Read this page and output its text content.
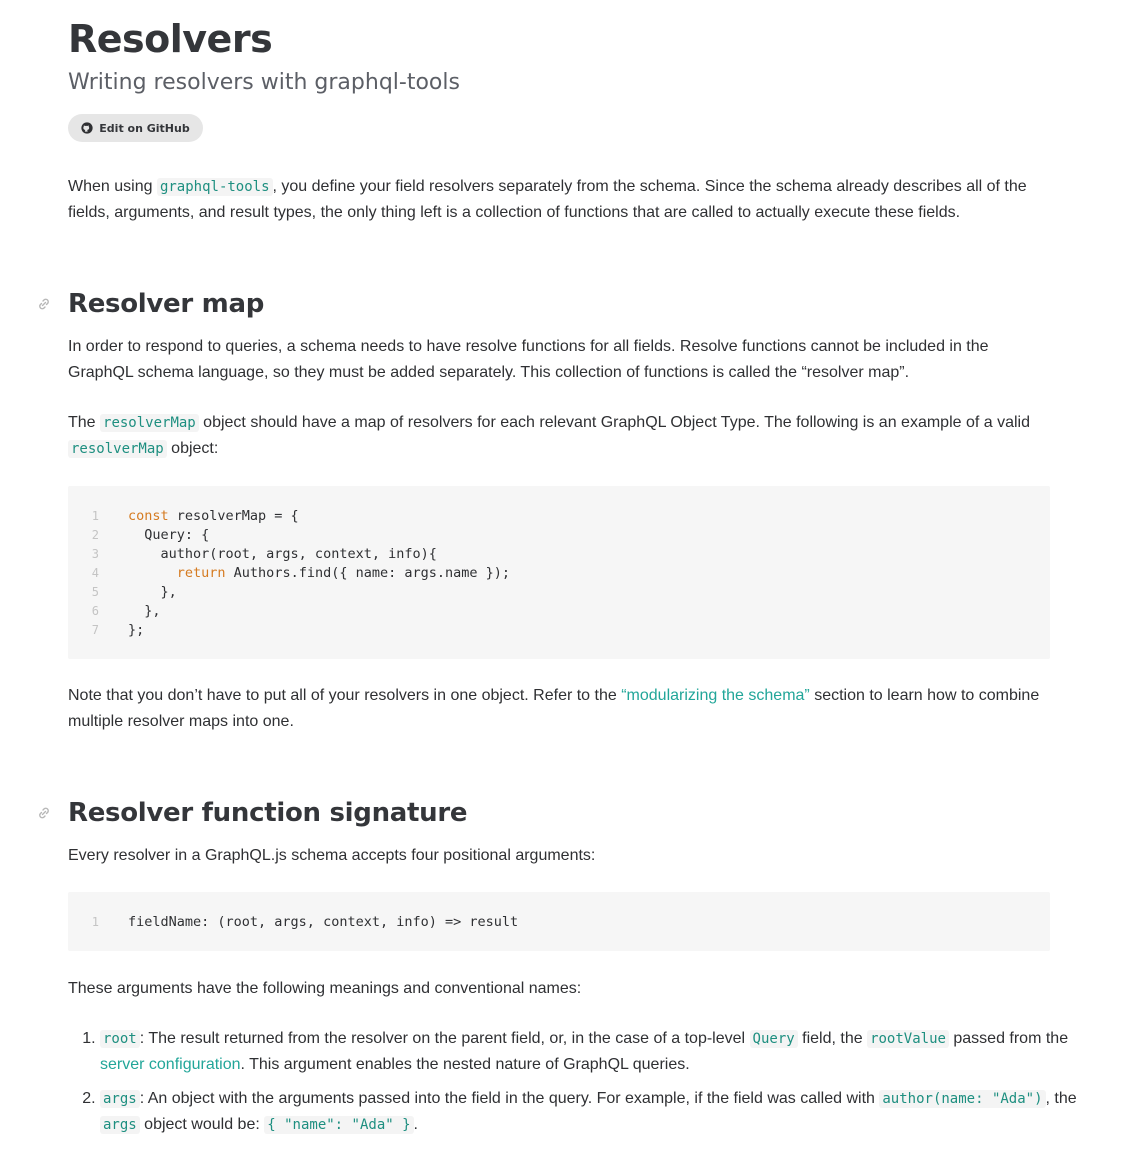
Resolvers
Writing resolvers with graphql-tools
Edit on GitHub

When using graphql-tools , you define your field resolvers separately from the schema. Since the schema already describes all of the fields, arguments, and result types, the only thing left is a collection of functions that are called to actually execute these fields.

Resolver map

In order to respond to queries, a schema needs to have resolve functions for all fields. Resolve functions cannot be included in the GraphQL schema language, so they must be added separately. This collection of functions is called the “resolver map”.

The resolverMap object should have a map of resolvers for each relevant GraphQL Object Type. The following is an example of a valid resolverMap object:

1 const resolverMap = {
2 Query: {
3 author(root, args, context, info){
4 return Authors.find({ name: args.name });
5 },
6 },
7 };

Note that you don’t have to put all of your resolvers in one object. Refer to the “modularizing the schema” section to learn how to combine multiple resolver maps into one.

Resolver function signature

Every resolver in a GraphQL.js schema accepts four positional arguments:

1 fieldName: (root, args, context, info) => result

These arguments have the following meanings and conventional names:

1. root : The result returned from the resolver on the parent field, or, in the case of a top-level Query field, the rootValue passed from the server configuration. This argument enables the nested nature of GraphQL queries.
2. args : An object with the arguments passed into the field in the query. For example, if the field was called with author(name: "Ada") , the args object would be: { "name": "Ada" } .
